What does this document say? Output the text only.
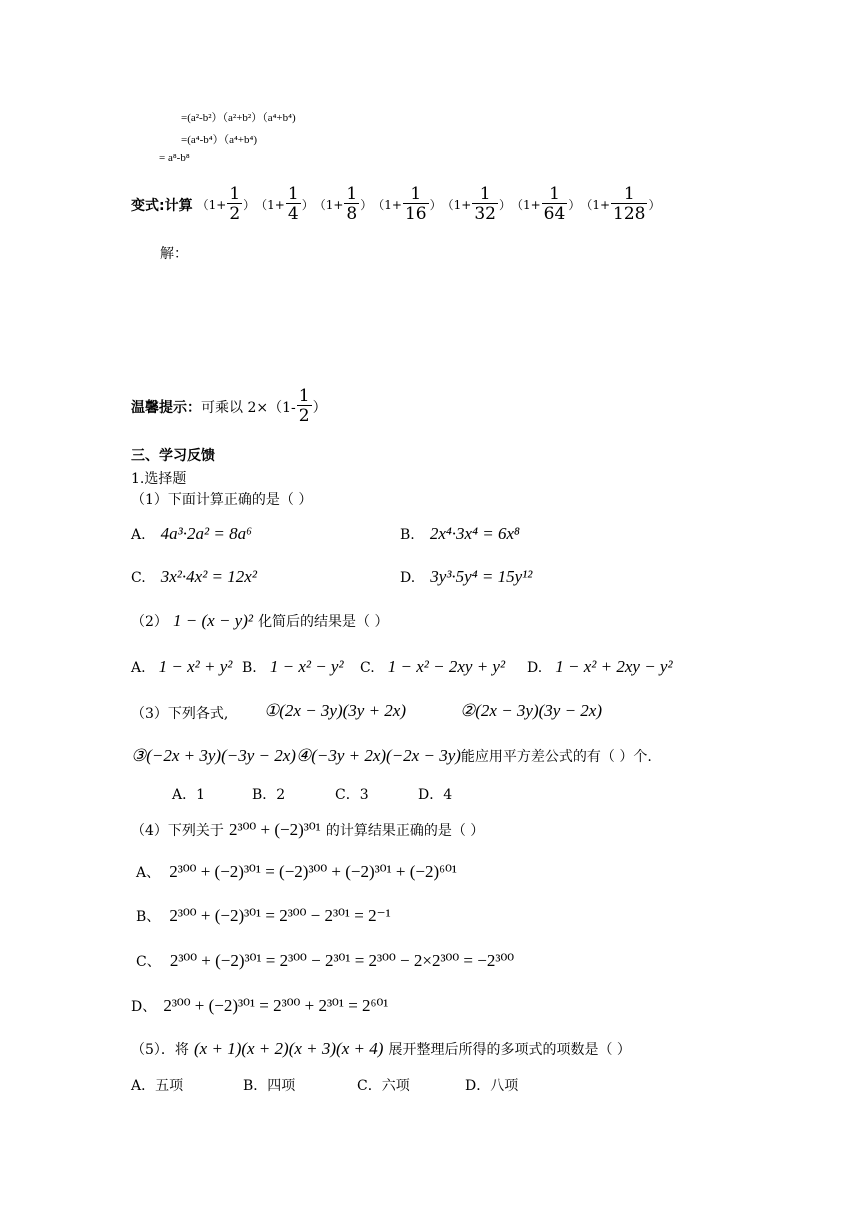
=(a²-b²）（a²+b²）（a⁴+b⁴)
=(a⁴-b⁴）（a⁴+b⁴)
= a⁸-b⁸
变式:计算 （$1+ \frac{1}{2}$ ） （$1+ \frac{1}{4}$ ） （$1+ \frac{1}{8}$ ） （$1+ \frac{1}{16}$ ） （$1+ \frac{1}{32}$ ） （$1+ \frac{1}{64}$ ） （$1+ \frac{1}{128}$ ）
解：
温馨提示： 可乘以 $2\times(1- \frac{1}{2}$ ）
三、学习反馈
1.选择题
（1）下面计算正确的是（ ）
A. 4a³·2a² = 8a⁶	B. 2x⁴·3x⁴ = 6x⁸
C. 3x²·4x² = 12x²	D. 3y³·5y⁴ = 15y¹²
（2） 1 − (x − y)² 化简后的结果是（ ）
A. 1 − x² + y² B. 1 − x² − y² C. 1 − x² − 2xy + y² D. 1 − x² + 2xy − y²
（3）下列各式, ①(2x − 3y)(3y + 2x)	②(2x − 3y)(3y − 2x)
③(−2x + 3y)(−3y − 2x)④(−3y + 2x)(−2x − 3y)能应用平方差公式的有（ ）个.
A．1	B．2	C．3	D．4
（4）下列关于 2³⁰⁰ + (−2)³⁰¹ 的计算结果正确的是（ ）
A、 2³⁰⁰ + (−2)³⁰¹ = (−2)³⁰⁰ + (−2)³⁰¹ + (−2)⁶⁰¹
B、 2³⁰⁰ + (−2)³⁰¹ = 2³⁰⁰ − 2³⁰¹ = 2⁻¹
C、 2³⁰⁰ + (−2)³⁰¹ = 2³⁰⁰ − 2³⁰¹ = 2³⁰⁰ − 2×2³⁰⁰ = −2³⁰⁰
D、 2³⁰⁰ + (−2)³⁰¹ = 2³⁰⁰ + 2³⁰¹ = 2⁶⁰¹
（5）．将 (x + 1)(x + 2)(x + 3)(x + 4) 展开整理后所得的多项式的项数是（ ）
A．五项	B．四项	C．六项	D．八项
